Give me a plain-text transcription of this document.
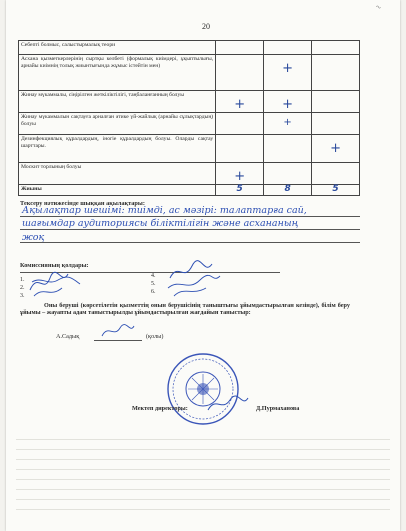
~
20
Себепті болмыс, салыстырмалық теори			
Асхана қызметкерлерінің сыртқы келбеті (формалық киімдері, ұқыптылығы, арнайы киімнің толық жиынтығында жұмыс істейтін мен)		+	
Жинау мүкаммалы, сіңірілген жеткіліктілігі, таңбаланғанның болуы	+	+	
Жинау мүкаммалын сақтауға арналған әтике үй-жайлық (арнайы сұлықтардың) болуы		+	
Дезинфекциялық құралдардың, іногіе құралдардың болуы. Оларды сақтау шарттары.			+
Москит торлының болуы	+		
Жиыны	5	8	5
Тексеру нәтижесінде шыққан ақылақтары:
Ақылақтар шешімі: тиімді, ас мәзірі: талаптарға сай,
шағымдар аудиториясы біліктілігін және асхананың
жоқ
Комиссияның қолдары:
1.
2.
3.
4.
5.
6.
Оны беруші (көрсетілетін қызметтің онын берушісінің таныштығы ұйымдастырылған кезінде), бiлiм беру ұйымы – жауапты адам таныстырылды ұйымдастырылған жағдайын таныстыр:
А.Садық	(қолы)
Мектеп директоры:	Д.Пурмаханова
